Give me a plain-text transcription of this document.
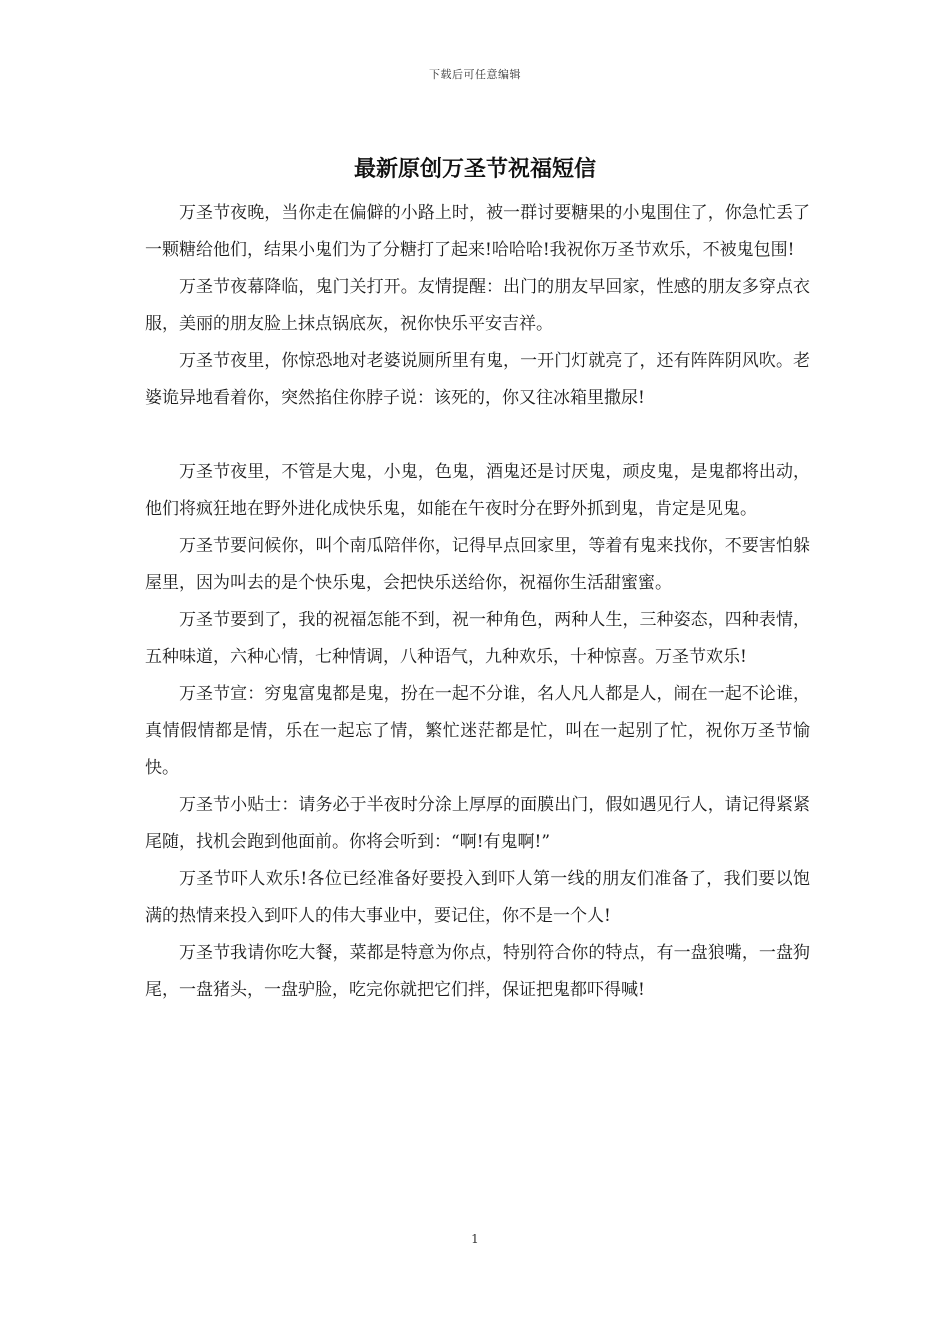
下载后可任意编辑
最新原创万圣节祝福短信

万圣节夜晚，当你走在偏僻的小路上时，被一群讨要糖果的小鬼围住了，你急忙丢了一颗糖给他们，结果小鬼们为了分糖打了起来!哈哈哈!我祝你万圣节欢乐，不被鬼包围!

万圣节夜幕降临，鬼门关打开。友情提醒：出门的朋友早回家，性感的朋友多穿点衣服，美丽的朋友脸上抹点锅底灰，祝你快乐平安吉祥。

万圣节夜里，你惊恐地对老婆说厕所里有鬼，一开门灯就亮了，还有阵阵阴风吹。老婆诡异地看着你，突然掐住你脖子说：该死的，你又往冰箱里撒尿!

万圣节夜里，不管是大鬼，小鬼，色鬼，酒鬼还是讨厌鬼，顽皮鬼，是鬼都将出动，他们将疯狂地在野外进化成快乐鬼，如能在午夜时分在野外抓到鬼，肯定是见鬼。

万圣节要问候你，叫个南瓜陪伴你，记得早点回家里，等着有鬼来找你，不要害怕躲屋里，因为叫去的是个快乐鬼，会把快乐送给你，祝福你生活甜蜜蜜。

万圣节要到了，我的祝福怎能不到，祝一种角色，两种人生，三种姿态，四种表情，五种味道，六种心情，七种情调，八种语气，九种欢乐，十种惊喜。万圣节欢乐!

万圣节宣：穷鬼富鬼都是鬼，扮在一起不分谁，名人凡人都是人，闹在一起不论谁，真情假情都是情，乐在一起忘了情，繁忙迷茫都是忙，叫在一起别了忙，祝你万圣节愉快。

万圣节小贴士：请务必于半夜时分涂上厚厚的面膜出门，假如遇见行人，请记得紧紧尾随，找机会跑到他面前。你将会听到：“啊!有鬼啊!”

万圣节吓人欢乐!各位已经准备好要投入到吓人第一线的朋友们准备了，我们要以饱满的热情来投入到吓人的伟大事业中，要记住，你不是一个人!

万圣节我请你吃大餐，菜都是特意为你点，特别符合你的特点，有一盘狼嘴，一盘狗尾，一盘猪头，一盘驴脸，吃完你就把它们拌，保证把鬼都吓得喊!

1
